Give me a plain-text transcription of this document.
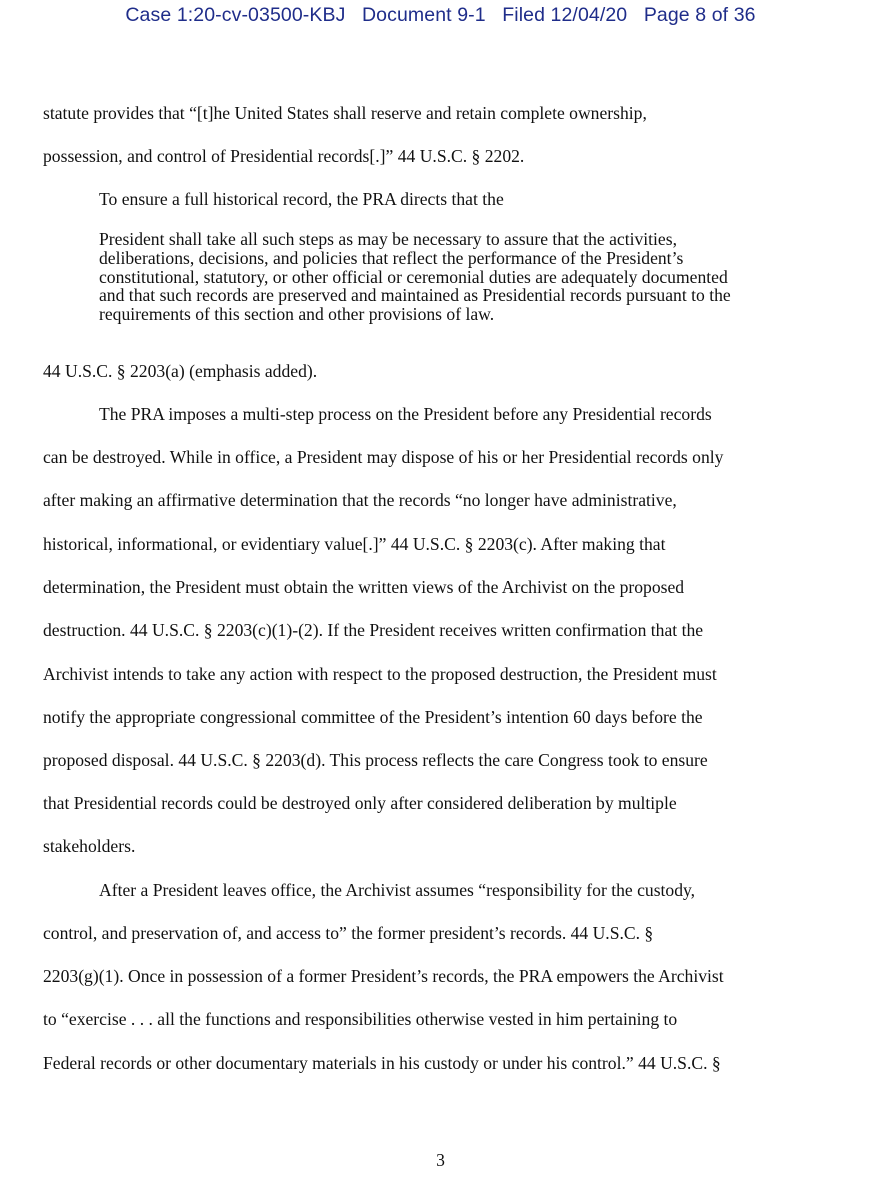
Case 1:20-cv-03500-KBJ Document 9-1 Filed 12/04/20 Page 8 of 36
statute provides that “[t]he United States shall reserve and retain complete ownership,
possession, and control of Presidential records[.]” 44 U.S.C. § 2202.
To ensure a full historical record, the PRA directs that the
President shall take all such steps as may be necessary to assure that the activities,
deliberations, decisions, and policies that reflect the performance of the President’s
constitutional, statutory, or other official or ceremonial duties are adequately documented
and that such records are preserved and maintained as Presidential records pursuant to the
requirements of this section and other provisions of law.
44 U.S.C. § 2203(a) (emphasis added).
The PRA imposes a multi-step process on the President before any Presidential records
can be destroyed. While in office, a President may dispose of his or her Presidential records only
after making an affirmative determination that the records “no longer have administrative,
historical, informational, or evidentiary value[.]” 44 U.S.C. § 2203(c). After making that
determination, the President must obtain the written views of the Archivist on the proposed
destruction. 44 U.S.C. § 2203(c)(1)-(2). If the President receives written confirmation that the
Archivist intends to take any action with respect to the proposed destruction, the President must
notify the appropriate congressional committee of the President’s intention 60 days before the
proposed disposal. 44 U.S.C. § 2203(d). This process reflects the care Congress took to ensure
that Presidential records could be destroyed only after considered deliberation by multiple
stakeholders.
After a President leaves office, the Archivist assumes “responsibility for the custody,
control, and preservation of, and access to” the former president’s records. 44 U.S.C. §
2203(g)(1). Once in possession of a former President’s records, the PRA empowers the Archivist
to “exercise . . . all the functions and responsibilities otherwise vested in him pertaining to
Federal records or other documentary materials in his custody or under his control.” 44 U.S.C. §
3
